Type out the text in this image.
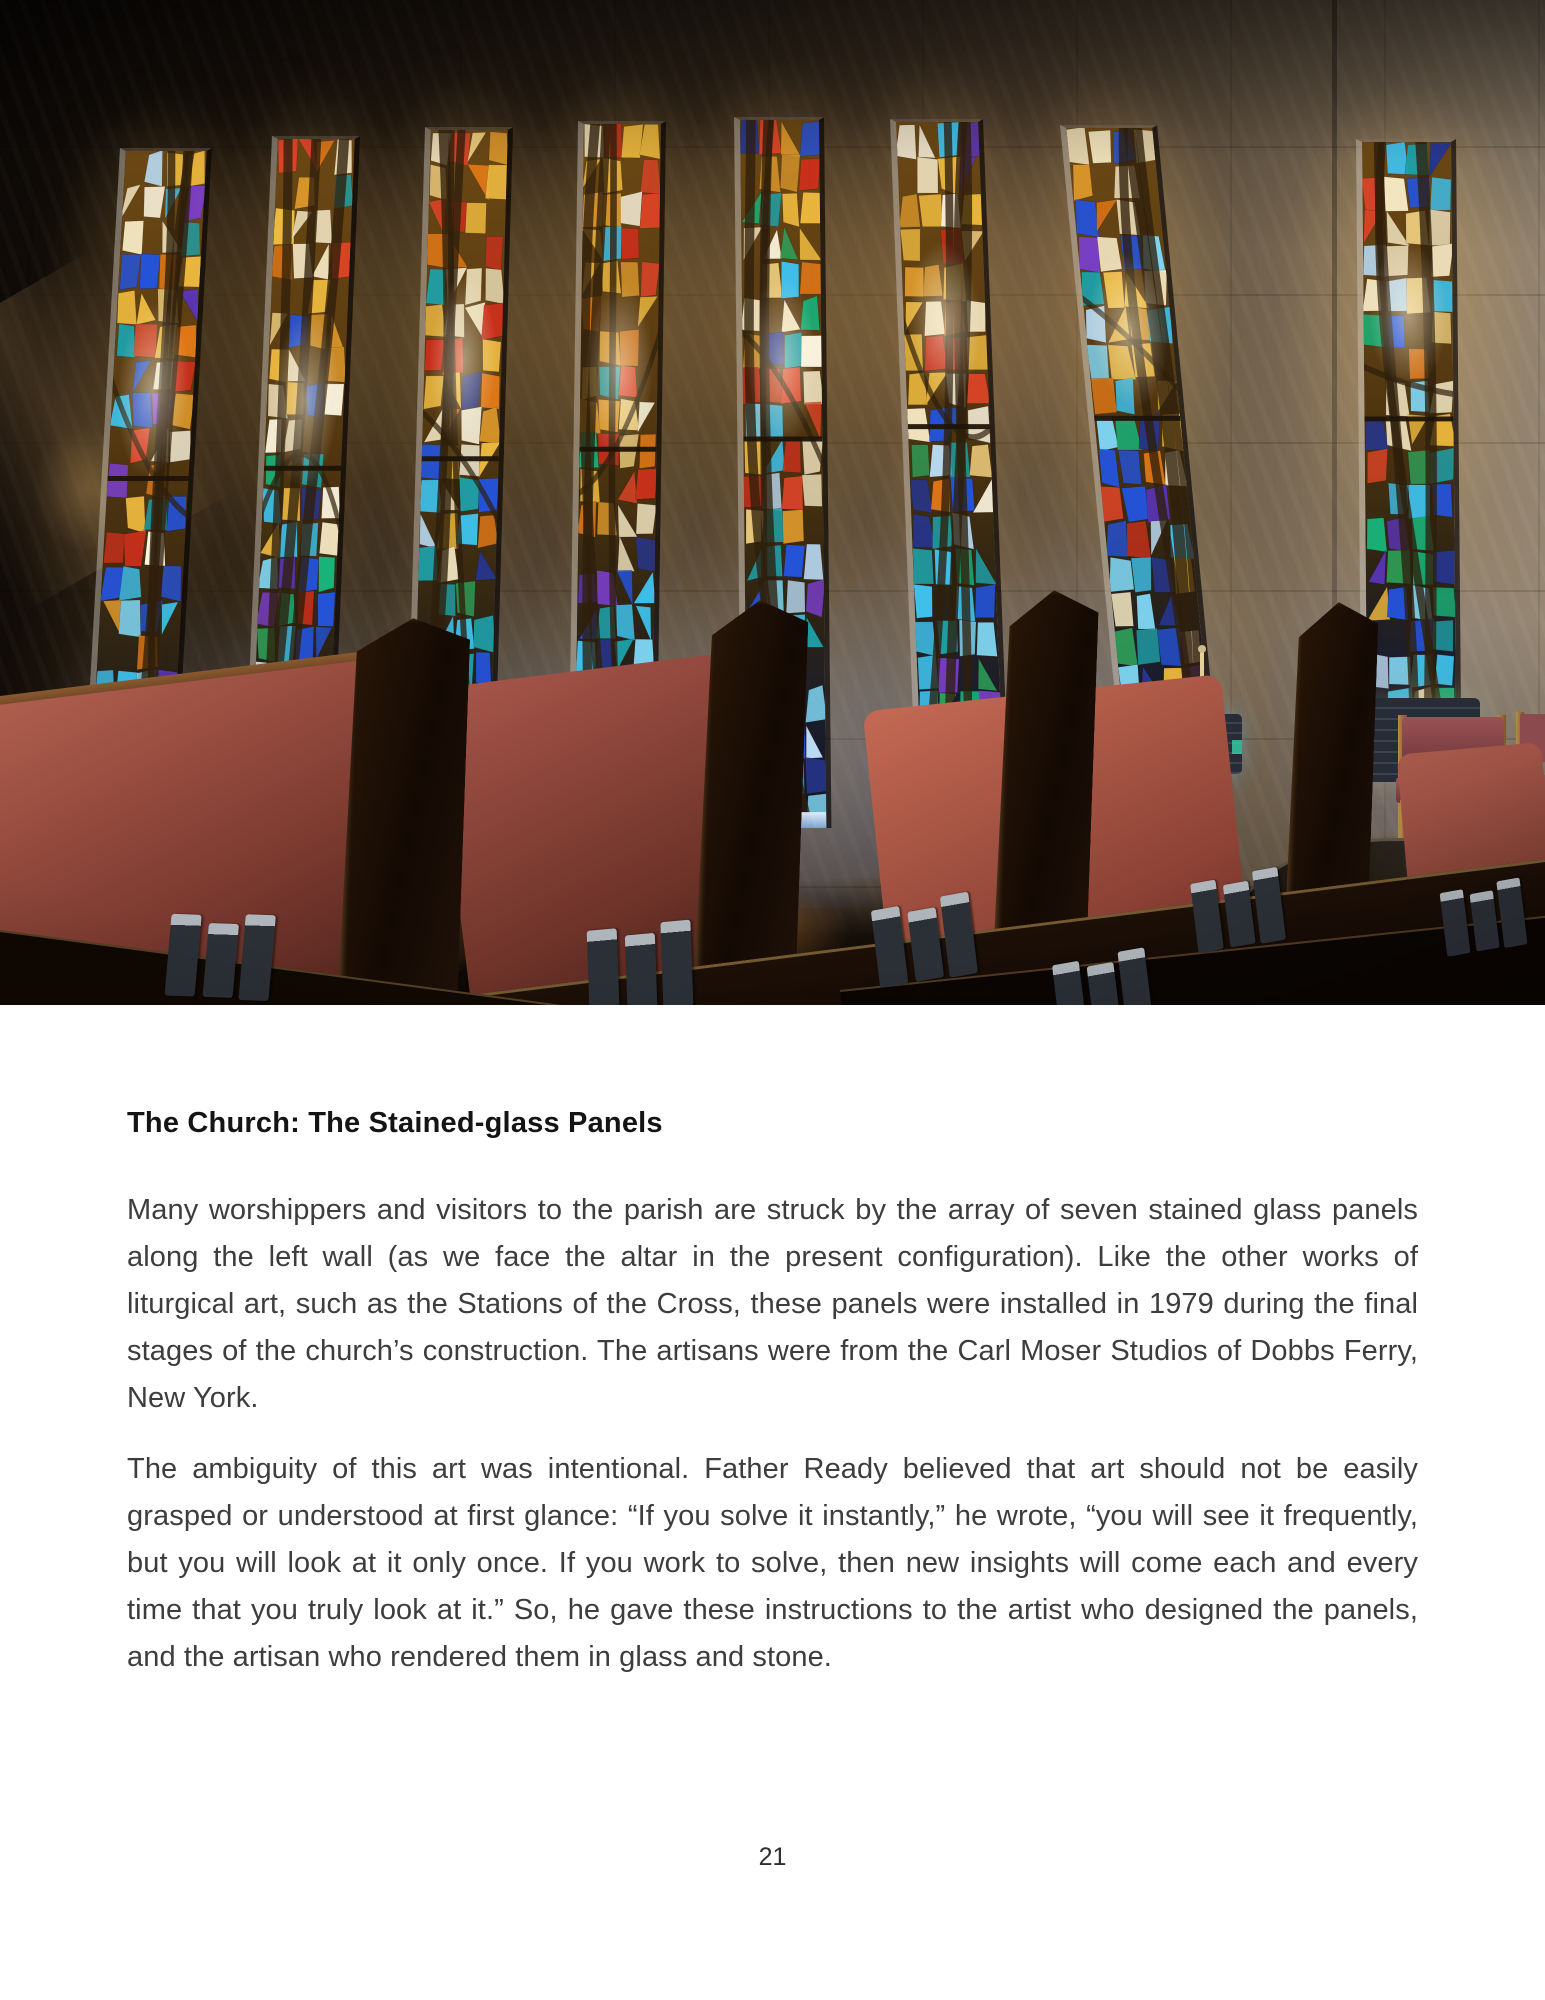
The Church: The Stained-glass Panels

Many worshippers and visitors to the parish are struck by the array of seven stained glass panels along the left wall (as we face the altar in the present configuration). Like the other works of liturgical art, such as the Stations of the Cross, these panels were installed in 1979 during the final stages of the church’s construction. The artisans were from the Carl Moser Studios of Dobbs Ferry, New York.

The ambiguity of this art was intentional. Father Ready believed that art should not be easily grasped or understood at first glance: “If you solve it instantly,” he wrote, “you will see it frequently, but you will look at it only once. If you work to solve, then new insights will come each and every time that you truly look at it.” So, he gave these instructions to the artist who designed the panels, and the artisan who rendered them in glass and stone.

21
